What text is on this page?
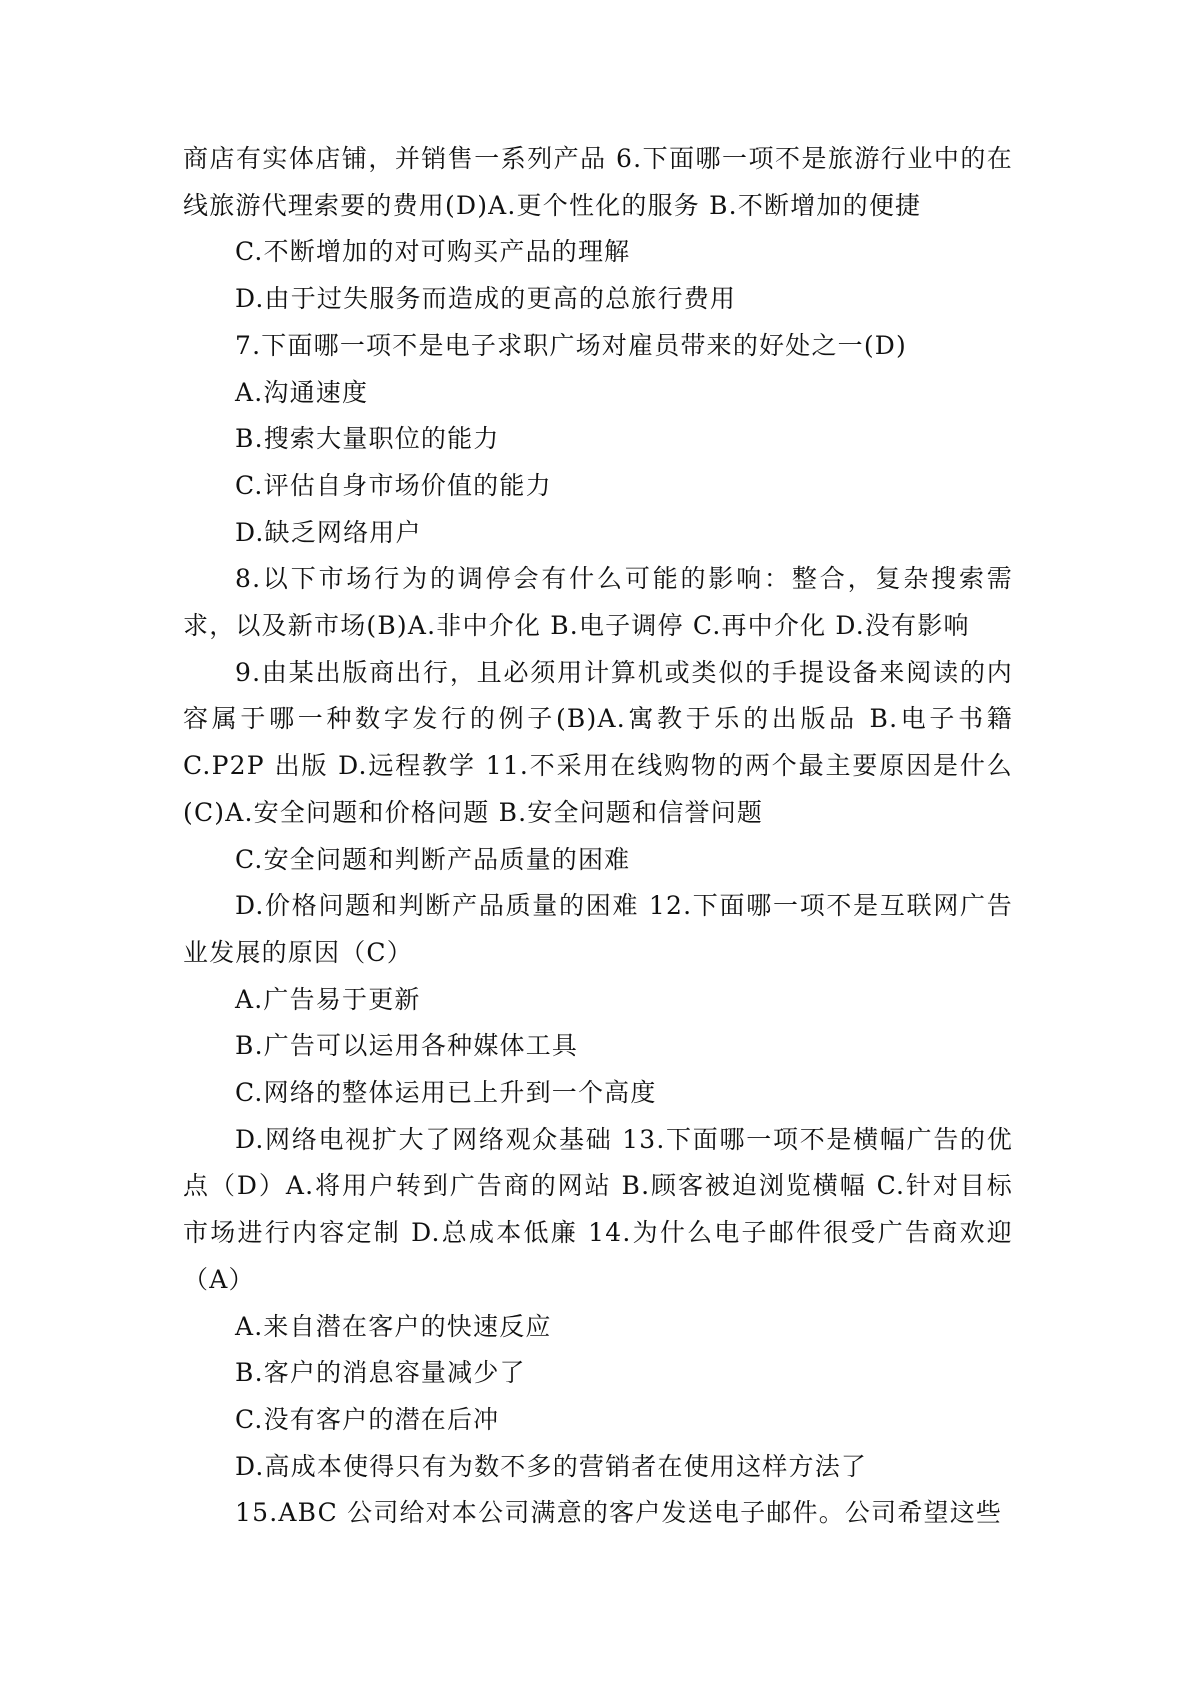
商店有实体店铺，并销售一系列产品 6.下面哪一项不是旅游行业中的在线旅游代理索要的费用(D)A.更个性化的服务 B.不断增加的便捷

C.不断增加的对可购买产品的理解

D.由于过失服务而造成的更高的总旅行费用

7.下面哪一项不是电子求职广场对雇员带来的好处之一(D)

A.沟通速度

B.搜索大量职位的能力

C.评估自身市场价值的能力

D.缺乏网络用户

8.以下市场行为的调停会有什么可能的影响：整合，复杂搜索需求，以及新市场(B)A.非中介化 B.电子调停 C.再中介化 D.没有影响

9.由某出版商出行，且必须用计算机或类似的手提设备来阅读的内容属于哪一种数字发行的例子(B)A.寓教于乐的出版品 B.电子书籍 C.P2P 出版 D.远程教学 11.不采用在线购物的两个最主要原因是什么(C)A.安全问题和价格问题 B.安全问题和信誉问题

C.安全问题和判断产品质量的困难

D.价格问题和判断产品质量的困难 12.下面哪一项不是互联网广告业发展的原因（C）

A.广告易于更新

B.广告可以运用各种媒体工具

C.网络的整体运用已上升到一个高度

D.网络电视扩大了网络观众基础 13.下面哪一项不是横幅广告的优点（D）A.将用户转到广告商的网站 B.顾客被迫浏览横幅 C.针对目标市场进行内容定制 D.总成本低廉 14.为什么电子邮件很受广告商欢迎（A）

A.来自潜在客户的快速反应

B.客户的消息容量减少了

C.没有客户的潜在后冲

D.高成本使得只有为数不多的营销者在使用这样方法了

15.ABC 公司给对本公司满意的客户发送电子邮件。公司希望这些
